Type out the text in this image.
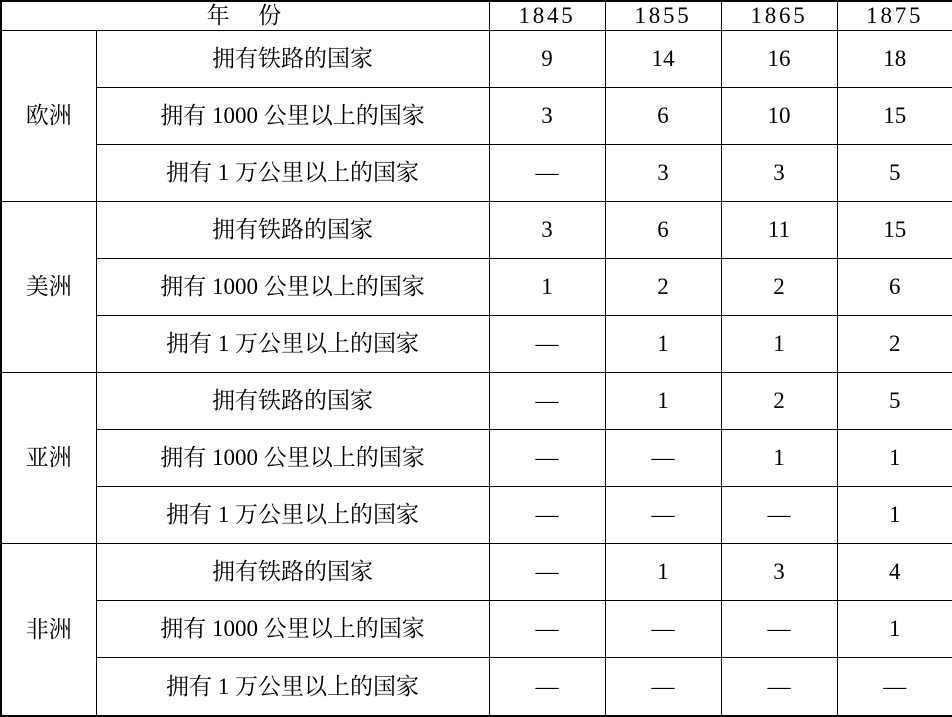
年　份		1845	1855	1865	1875
欧洲	拥有铁路的国家	9	14	16	18
	拥有 1000 公里以上的国家	3	6	10	15
	拥有 1 万公里以上的国家	—	3	3	5
美洲	拥有铁路的国家	3	6	11	15
	拥有 1000 公里以上的国家	1	2	2	6
	拥有 1 万公里以上的国家	—	1	1	2
亚洲	拥有铁路的国家	—	1	2	5
	拥有 1000 公里以上的国家	—	—	1	1
	拥有 1 万公里以上的国家	—	—	—	1
非洲	拥有铁路的国家	—	1	3	4
	拥有 1000 公里以上的国家	—	—	—	1
	拥有 1 万公里以上的国家	—	—	—	—
